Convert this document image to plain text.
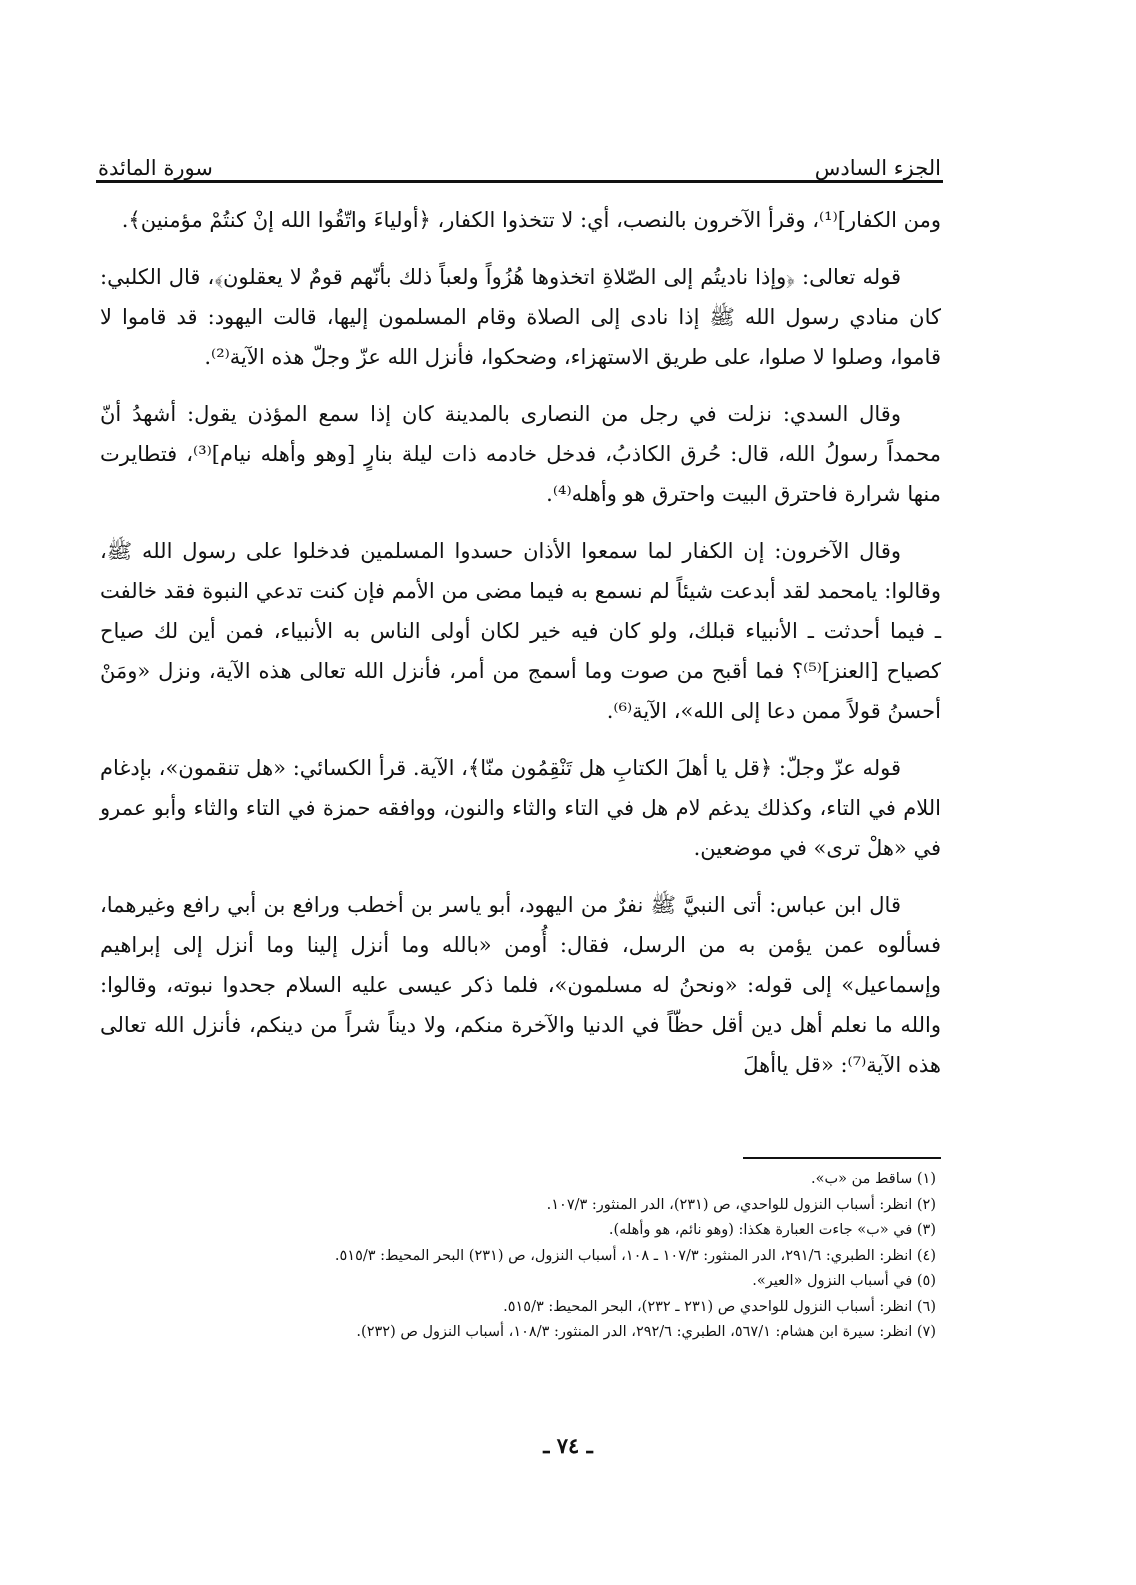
الجزء السادس
سورة المائدة

ومن الكفار]⁽¹⁾، وقرأ الآخرون بالنصب، أي: لا تتخذوا الكفار، ﴿أولياءَ واتّقُوا الله إنْ كنتُمْ مؤمنين﴾.

قوله تعالى: ﴿وإذا ناديتُم إلى الصّلاةِ اتخذوها هُزُواً ولعباً ذلك بأنّهم قومٌ لا يعقلون﴾، قال الكلبي: كان منادي رسول الله ﷺ إذا نادى إلى الصلاة وقام المسلمون إليها، قالت اليهود: قد قاموا لا قاموا، وصلوا لا صلوا، على طريق الاستهزاء، وضحكوا، فأنزل الله عزّ وجلّ هذه الآية⁽²⁾.

وقال السدي: نزلت في رجل من النصارى بالمدينة كان إذا سمع المؤذن يقول: أشهدُ أنّ محمداً رسولُ الله، قال: حُرق الكاذبُ، فدخل خادمه ذات ليلة بنارٍ [وهو وأهله نيام]⁽³⁾، فتطايرت منها شرارة فاحترق البيت واحترق هو وأهله⁽⁴⁾.

وقال الآخرون: إن الكفار لما سمعوا الأذان حسدوا المسلمين فدخلوا على رسول الله ﷺ، وقالوا: يامحمد لقد أبدعت شيئاً لم نسمع به فيما مضى من الأمم فإن كنت تدعي النبوة فقد خالفت ـ فيما أحدثت ـ الأنبياء قبلك، ولو كان فيه خير لكان أولى الناس به الأنبياء، فمن أين لك صياح كصياح [العنز]⁽⁵⁾؟ فما أقبح من صوت وما أسمج من أمر، فأنزل الله تعالى هذه الآية، ونزل «ومَنْ أحسنُ قولاً ممن دعا إلى الله»، الآية⁽⁶⁾.

قوله عزّ وجلّ: ﴿قل يا أهلَ الكتابِ هل تَنْقِمُون منّا﴾، الآية. قرأ الكسائي: «هل تنقمون»، بإدغام اللام في التاء، وكذلك يدغم لام هل في التاء والثاء والنون، ووافقه حمزة في التاء والثاء وأبو عمرو في «هلْ ترى» في موضعين.

قال ابن عباس: أتى النبيَّ ﷺ نفرٌ من اليهود، أبو ياسر بن أخطب ورافع بن أبي رافع وغيرهما، فسألوه عمن يؤمن به من الرسل، فقال: أُومن «بالله وما أنزل إلينا وما أنزل إلى إبراهيم وإسماعيل» إلى قوله: «ونحنُ له مسلمون»، فلما ذكر عيسى عليه السلام جحدوا نبوته، وقالوا: والله ما نعلم أهل دين أقل حظّاً في الدنيا والآخرة منكم، ولا ديناً شراً من دينكم، فأنزل الله تعالى هذه الآية⁽⁷⁾: «قل ياأهلَ

(١) ساقط من «ب».

(٢) انظر: أسباب النزول للواحدي، ص (٢٣١)، الدر المنثور: ١٠٧/٣.

(٣) في «ب» جاءت العبارة هكذا: (وهو نائم، هو وأهله).

(٤) انظر: الطبري: ٢٩١/٦، الدر المنثور: ١٠٧/٣ ـ ١٠٨، أسباب النزول، ص (٢٣١) البحر المحيط: ٥١٥/٣.

(٥) في أسباب النزول «العير».

(٦) انظر: أسباب النزول للواحدي ص (٢٣١ ـ ٢٣٢)، البحر المحيط: ٥١٥/٣.

(٧) انظر: سيرة ابن هشام: ٥٦٧/١، الطبري: ٢٩٢/٦، الدر المنثور: ١٠٨/٣، أسباب النزول ص (٢٣٢).

ـ ٧٤ ـ
